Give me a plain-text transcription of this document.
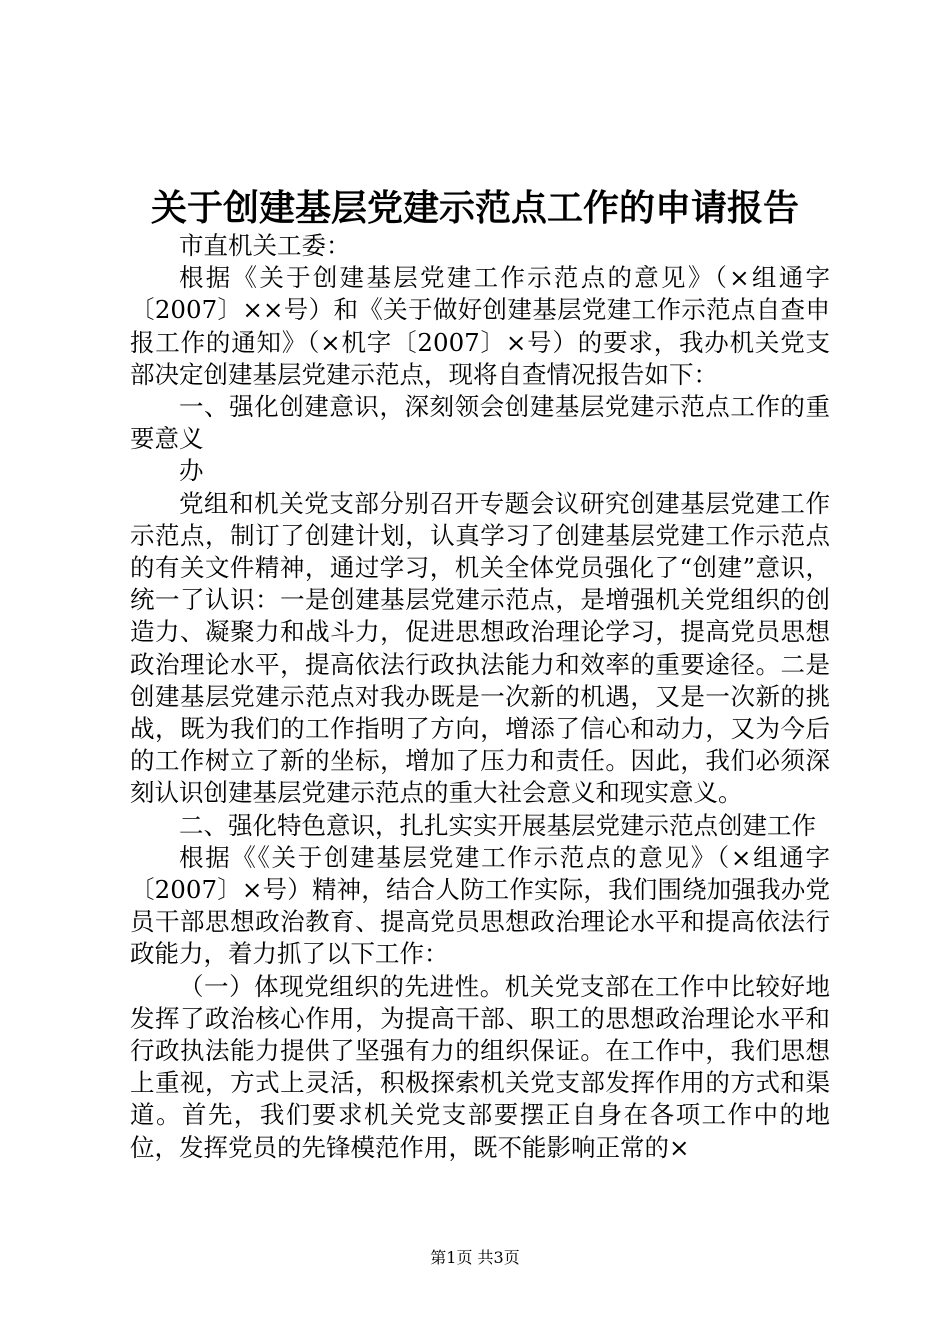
关于创建基层党建示范点工作的申请报告

市直机关工委：

根据《关于创建基层党建工作示范点的意见》（×组通字〔2007〕××号）和《关于做好创建基层党建工作示范点自查申报工作的通知》（×机字〔2007〕×号）的要求，我办机关党支部决定创建基层党建示范点，现将自查情况报告如下：

一、强化创建意识，深刻领会创建基层党建示范点工作的重要意义

办

党组和机关党支部分别召开专题会议研究创建基层党建工作示范点，制订了创建计划，认真学习了创建基层党建工作示范点的有关文件精神，通过学习，机关全体党员强化了“创建”意识，统一了认识：一是创建基层党建示范点，是增强机关党组织的创造力、凝聚力和战斗力，促进思想政治理论学习，提高党员思想政治理论水平，提高依法行政执法能力和效率的重要途径。二是创建基层党建示范点对我办既是一次新的机遇，又是一次新的挑战，既为我们的工作指明了方向，增添了信心和动力，又为今后的工作树立了新的坐标，增加了压力和责任。因此，我们必须深刻认识创建基层党建示范点的重大社会意义和现实意义。

二、强化特色意识，扎扎实实开展基层党建示范点创建工作

根据《《关于创建基层党建工作示范点的意见》（×组通字〔2007〕×号）精神，结合人防工作实际，我们围绕加强我办党员干部思想政治教育、提高党员思想政治理论水平和提高依法行政能力，着力抓了以下工作：

（一）体现党组织的先进性。机关党支部在工作中比较好地发挥了政治核心作用，为提高干部、职工的思想政治理论水平和行政执法能力提供了坚强有力的组织保证。在工作中，我们思想上重视，方式上灵活，积极探索机关党支部发挥作用的方式和渠道。首先，我们要求机关党支部要摆正自身在各项工作中的地位，发挥党员的先锋模范作用，既不能影响正常的×

第1页 共3页
